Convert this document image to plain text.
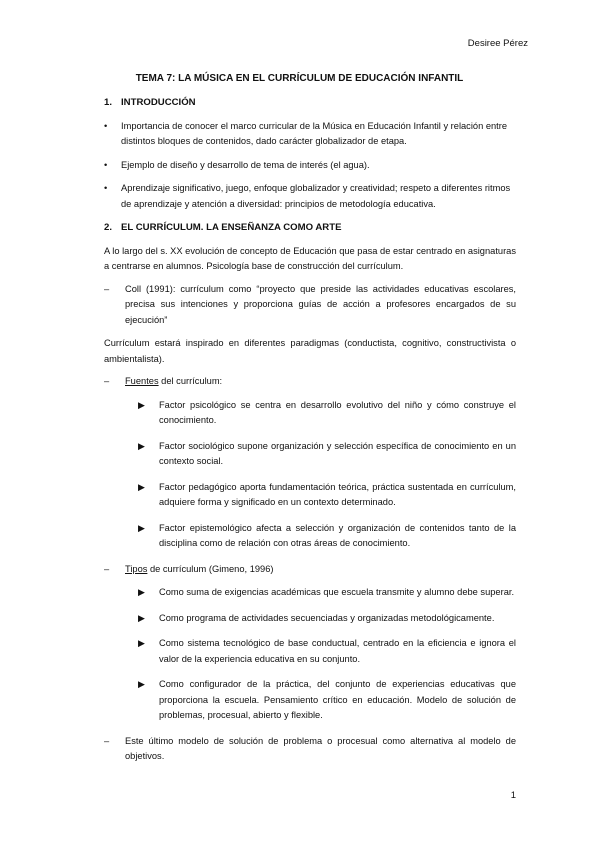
Desiree Pérez
TEMA 7: LA MÚSICA EN EL CURRÍCULUM DE EDUCACIÓN INFANTIL
1. INTRODUCCIÓN
• Importancia de conocer el marco curricular de la Música en Educación Infantil y relación entre distintos bloques de contenidos, dado carácter globalizador de etapa.
• Ejemplo de diseño y desarrollo de tema de interés (el agua).
• Aprendizaje significativo, juego, enfoque globalizador y creatividad; respeto a diferentes ritmos de aprendizaje y atención a diversidad: principios de metodología educativa.
2. EL CURRÍCULUM. LA ENSEÑANZA COMO ARTE

A lo largo del s. XX evolución de concepto de Educación que pasa de estar centrado en asignaturas a centrarse en alumnos. Psicología base de construcción del currículum.

– Coll (1991): currículum como “proyecto que preside las actividades educativas escolares, precisa sus intenciones y proporciona guías de acción a profesores encargados de su ejecución”

Currículum estará inspirado en diferentes paradigmas (conductista, cognitivo, constructivista o ambientalista).

– Fuentes del currículum:
▶ Factor psicológico se centra en desarrollo evolutivo del niño y cómo construye el conocimiento.
▶ Factor sociológico supone organización y selección específica de conocimiento en un contexto social.
▶ Factor pedagógico aporta fundamentación teórica, práctica sustentada en currículum, adquiere forma y significado en un contexto determinado.
▶ Factor epistemológico afecta a selección y organización de contenidos tanto de la disciplina como de relación con otras áreas de conocimiento.
– Tipos de currículum (Gimeno, 1996)
▶ Como suma de exigencias académicas que escuela transmite y alumno debe superar.
▶ Como programa de actividades secuenciadas y organizadas metodológicamente.
▶ Como sistema tecnológico de base conductual, centrado en la eficiencia e ignora el valor de la experiencia educativa en su conjunto.
▶ Como configurador de la práctica, del conjunto de experiencias educativas que proporciona la escuela. Pensamiento crítico en educación. Modelo de solución de problemas, procesual, abierto y flexible.
– Este último modelo de solución de problema o procesual como alternativa al modelo de objetivos.
1
